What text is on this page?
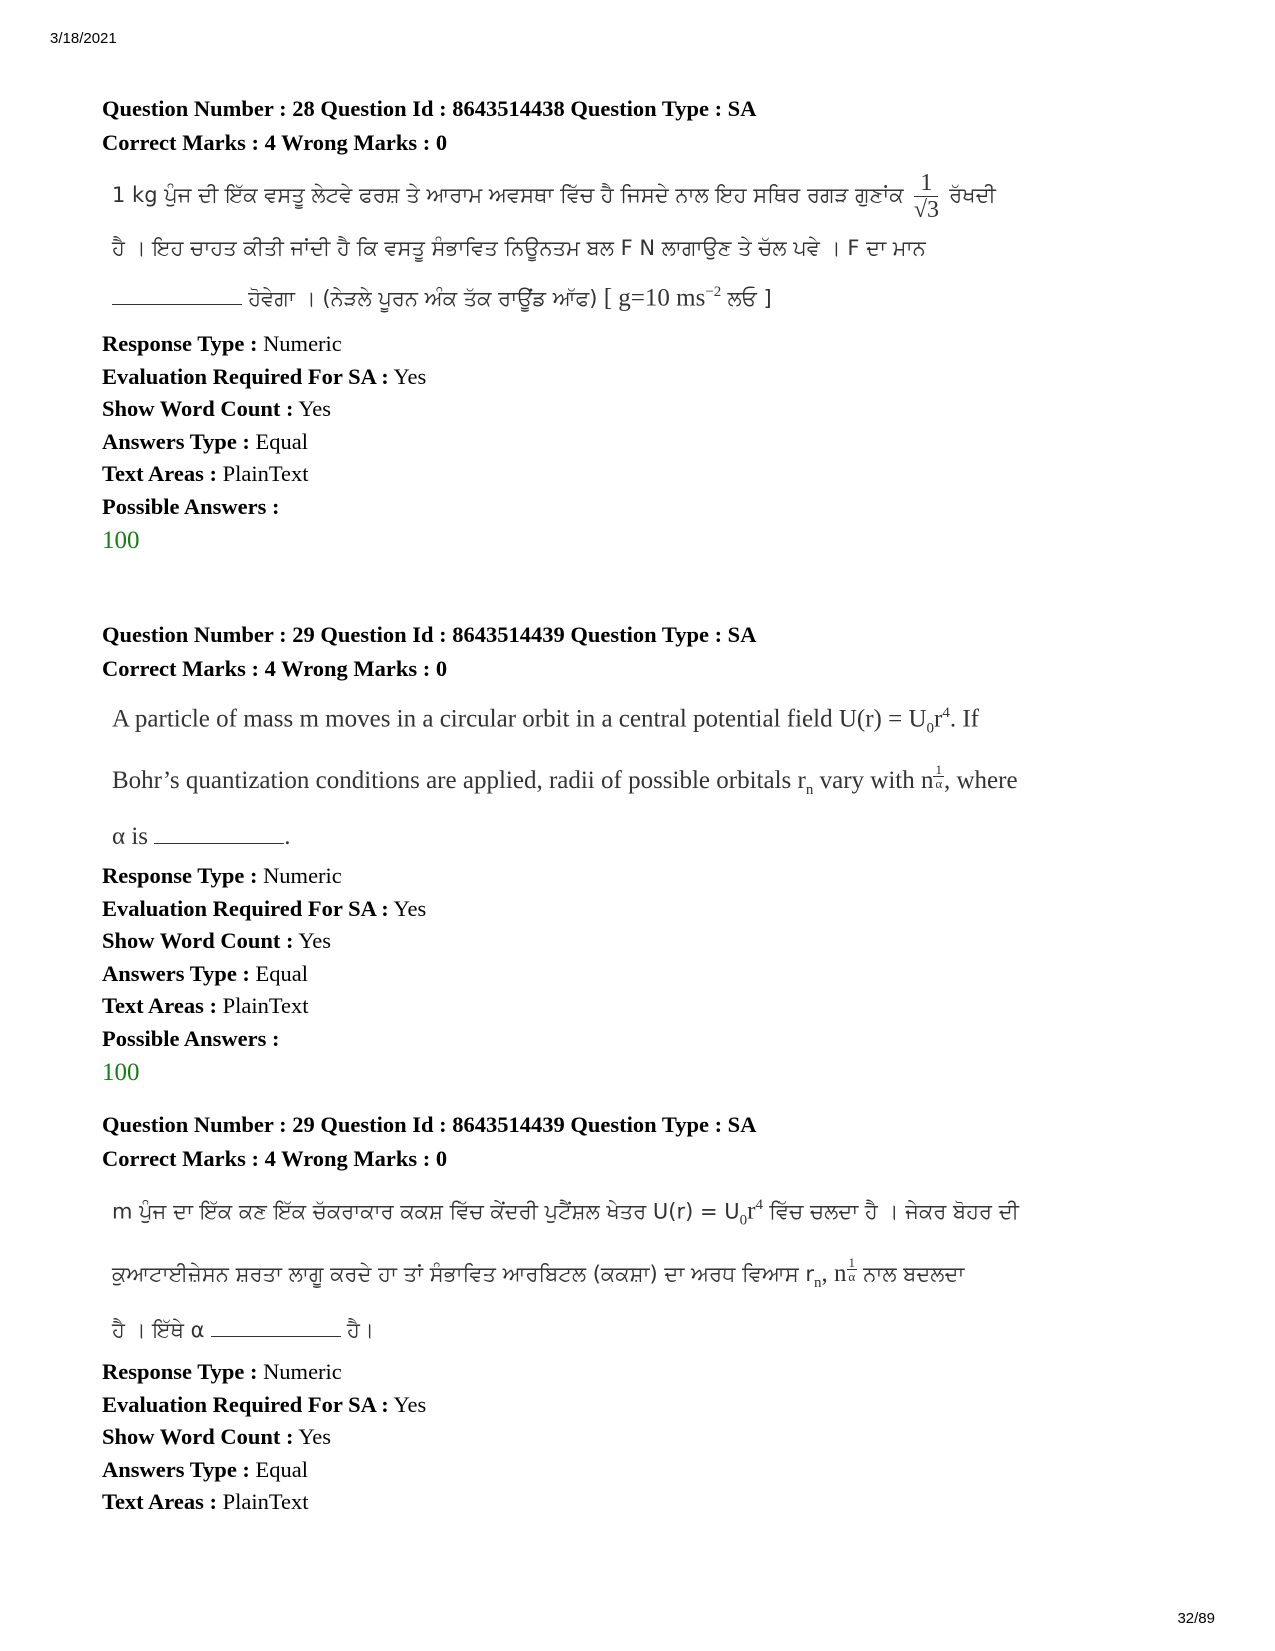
3/18/2021
Question Number : 28 Question Id : 8643514438 Question Type : SA
Correct Marks : 4 Wrong Marks : 0
1 kg ਪੁੰਜ ਦੀ ਇੱਕ ਵਸਤੂ ਲੇਟਵੇ ਫਰਸ਼ ਤੇ ਆਰਾਮ ਅਵਸਥਾ ਵਿੱਚ ਹੈ ਜਿਸਦੇ ਨਾਲ ਇਹ ਸਥਿਰ ਰਗੜ ਗੁਣਾਂਕ $\frac{1}{√3}$ ਰੱਖਦੀ
ਹੈ । ਇਹ ਚਾਹਤ ਕੀਤੀ ਜਾਂਦੀ ਹੈ ਕਿ ਵਸਤੂ ਸੰਭਾਵਿਤ ਨਿਊਨਤਮ ਬਲ F N ਲਾਗਾਉਣ ਤੇ ਚੱਲ ਪਵੇ । F ਦਾ ਮਾਨ
ਹੋਵੇਗਾ । (ਨੇੜਲੇ ਪੂਰਨ ਅੰਕ ਤੱਕ ਰਾਊਂਡ ਆੱਫ) [ g=10 $ms^{-2}$ ਲਓ ]
Response Type : Numeric
Evaluation Required For SA : Yes
Show Word Count : Yes
Answers Type : Equal
Text Areas : PlainText
Possible Answers :
100
Question Number : 29 Question Id : 8643514439 Question Type : SA
Correct Marks : 4 Wrong Marks : 0
A particle of mass m moves in a circular orbit in a central potential field $U(r) = U_0r^4$. If
Bohr’s quantization conditions are applied, radii of possible orbitals $r_n$ vary with n $\frac{1}{\alpha}$ , where
α is	.
Response Type : Numeric
Evaluation Required For SA : Yes
Show Word Count : Yes
Answers Type : Equal
Text Areas : PlainText
Possible Answers :
100
Question Number : 29 Question Id : 8643514439 Question Type : SA
Correct Marks : 4 Wrong Marks : 0
m ਪੁੰਜ ਦਾ ਇੱਕ ਕਣ ਇੱਕ ਚੱਕਰਾਕਾਰ ਕਕਸ਼ ਵਿੱਚ ਕੇਂਦਰੀ ਪੁਟੈਂਸ਼ਲ ਖੇਤਰ $U(r) = U_0r^4$ ਵਿੱਚ ਚਲਦਾ ਹੈ । ਜੇਕਰ ਬੋਹਰ ਦੀ
ਕੁਆਟਾਈਜ਼ੇਸਨ ਸ਼ਰਤਾ ਲਾਗੂ ਕਰਦੇ ਹਾ ਤਾਂ ਸੰਭਾਵਿਤ ਆਰਬਿਟਲ (ਕਕਸ਼ਾ) ਦਾ ਅਰਧ ਵਿਆਸ $r_n$, n $\frac{1}{\alpha}$ ਨਾਲ ਬਦਲਦਾ
ਹੈ । ਇੱਥੇ α	ਹੈ।
Response Type : Numeric
Evaluation Required For SA : Yes
Show Word Count : Yes
Answers Type : Equal
Text Areas : PlainText
32/89
